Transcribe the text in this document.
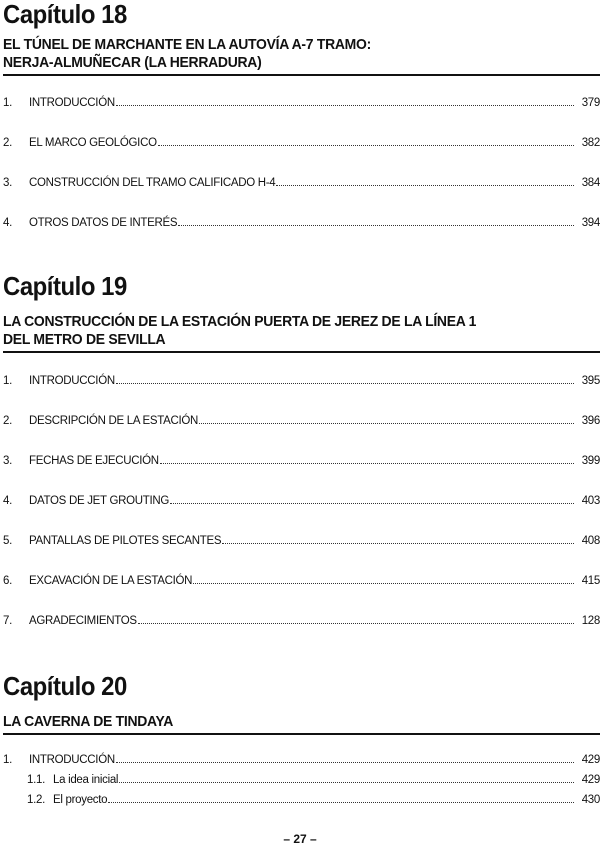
Capítulo 18
EL TÚNEL DE MARCHANTE EN LA AUTOVÍA A-7 TRAMO:
NERJA-ALMUÑECAR (LA HERRADURA)
1.	INTRODUCCIÓN	379
2.	EL MARCO GEOLÓGICO	382
3.	CONSTRUCCIÓN DEL TRAMO CALIFICADO H-4	384
4.	OTROS DATOS DE INTERÉS	394
Capítulo 19
LA CONSTRUCCIÓN DE LA ESTACIÓN PUERTA DE JEREZ DE LA LÍNEA 1
DEL METRO DE SEVILLA
1.	INTRODUCCIÓN	395
2.	DESCRIPCIÓN DE LA ESTACIÓN	396
3.	FECHAS DE EJECUCIÓN	399
4.	DATOS DE JET GROUTING	403
5.	PANTALLAS DE PILOTES SECANTES	408
6.	EXCAVACIÓN DE LA ESTACIÓN	415
7.	AGRADECIMIENTOS	128
Capítulo 20
LA CAVERNA DE TINDAYA
1.	INTRODUCCIÓN	429
1.1. La idea inicial	429
1.2. El proyecto	430
– 27 –
